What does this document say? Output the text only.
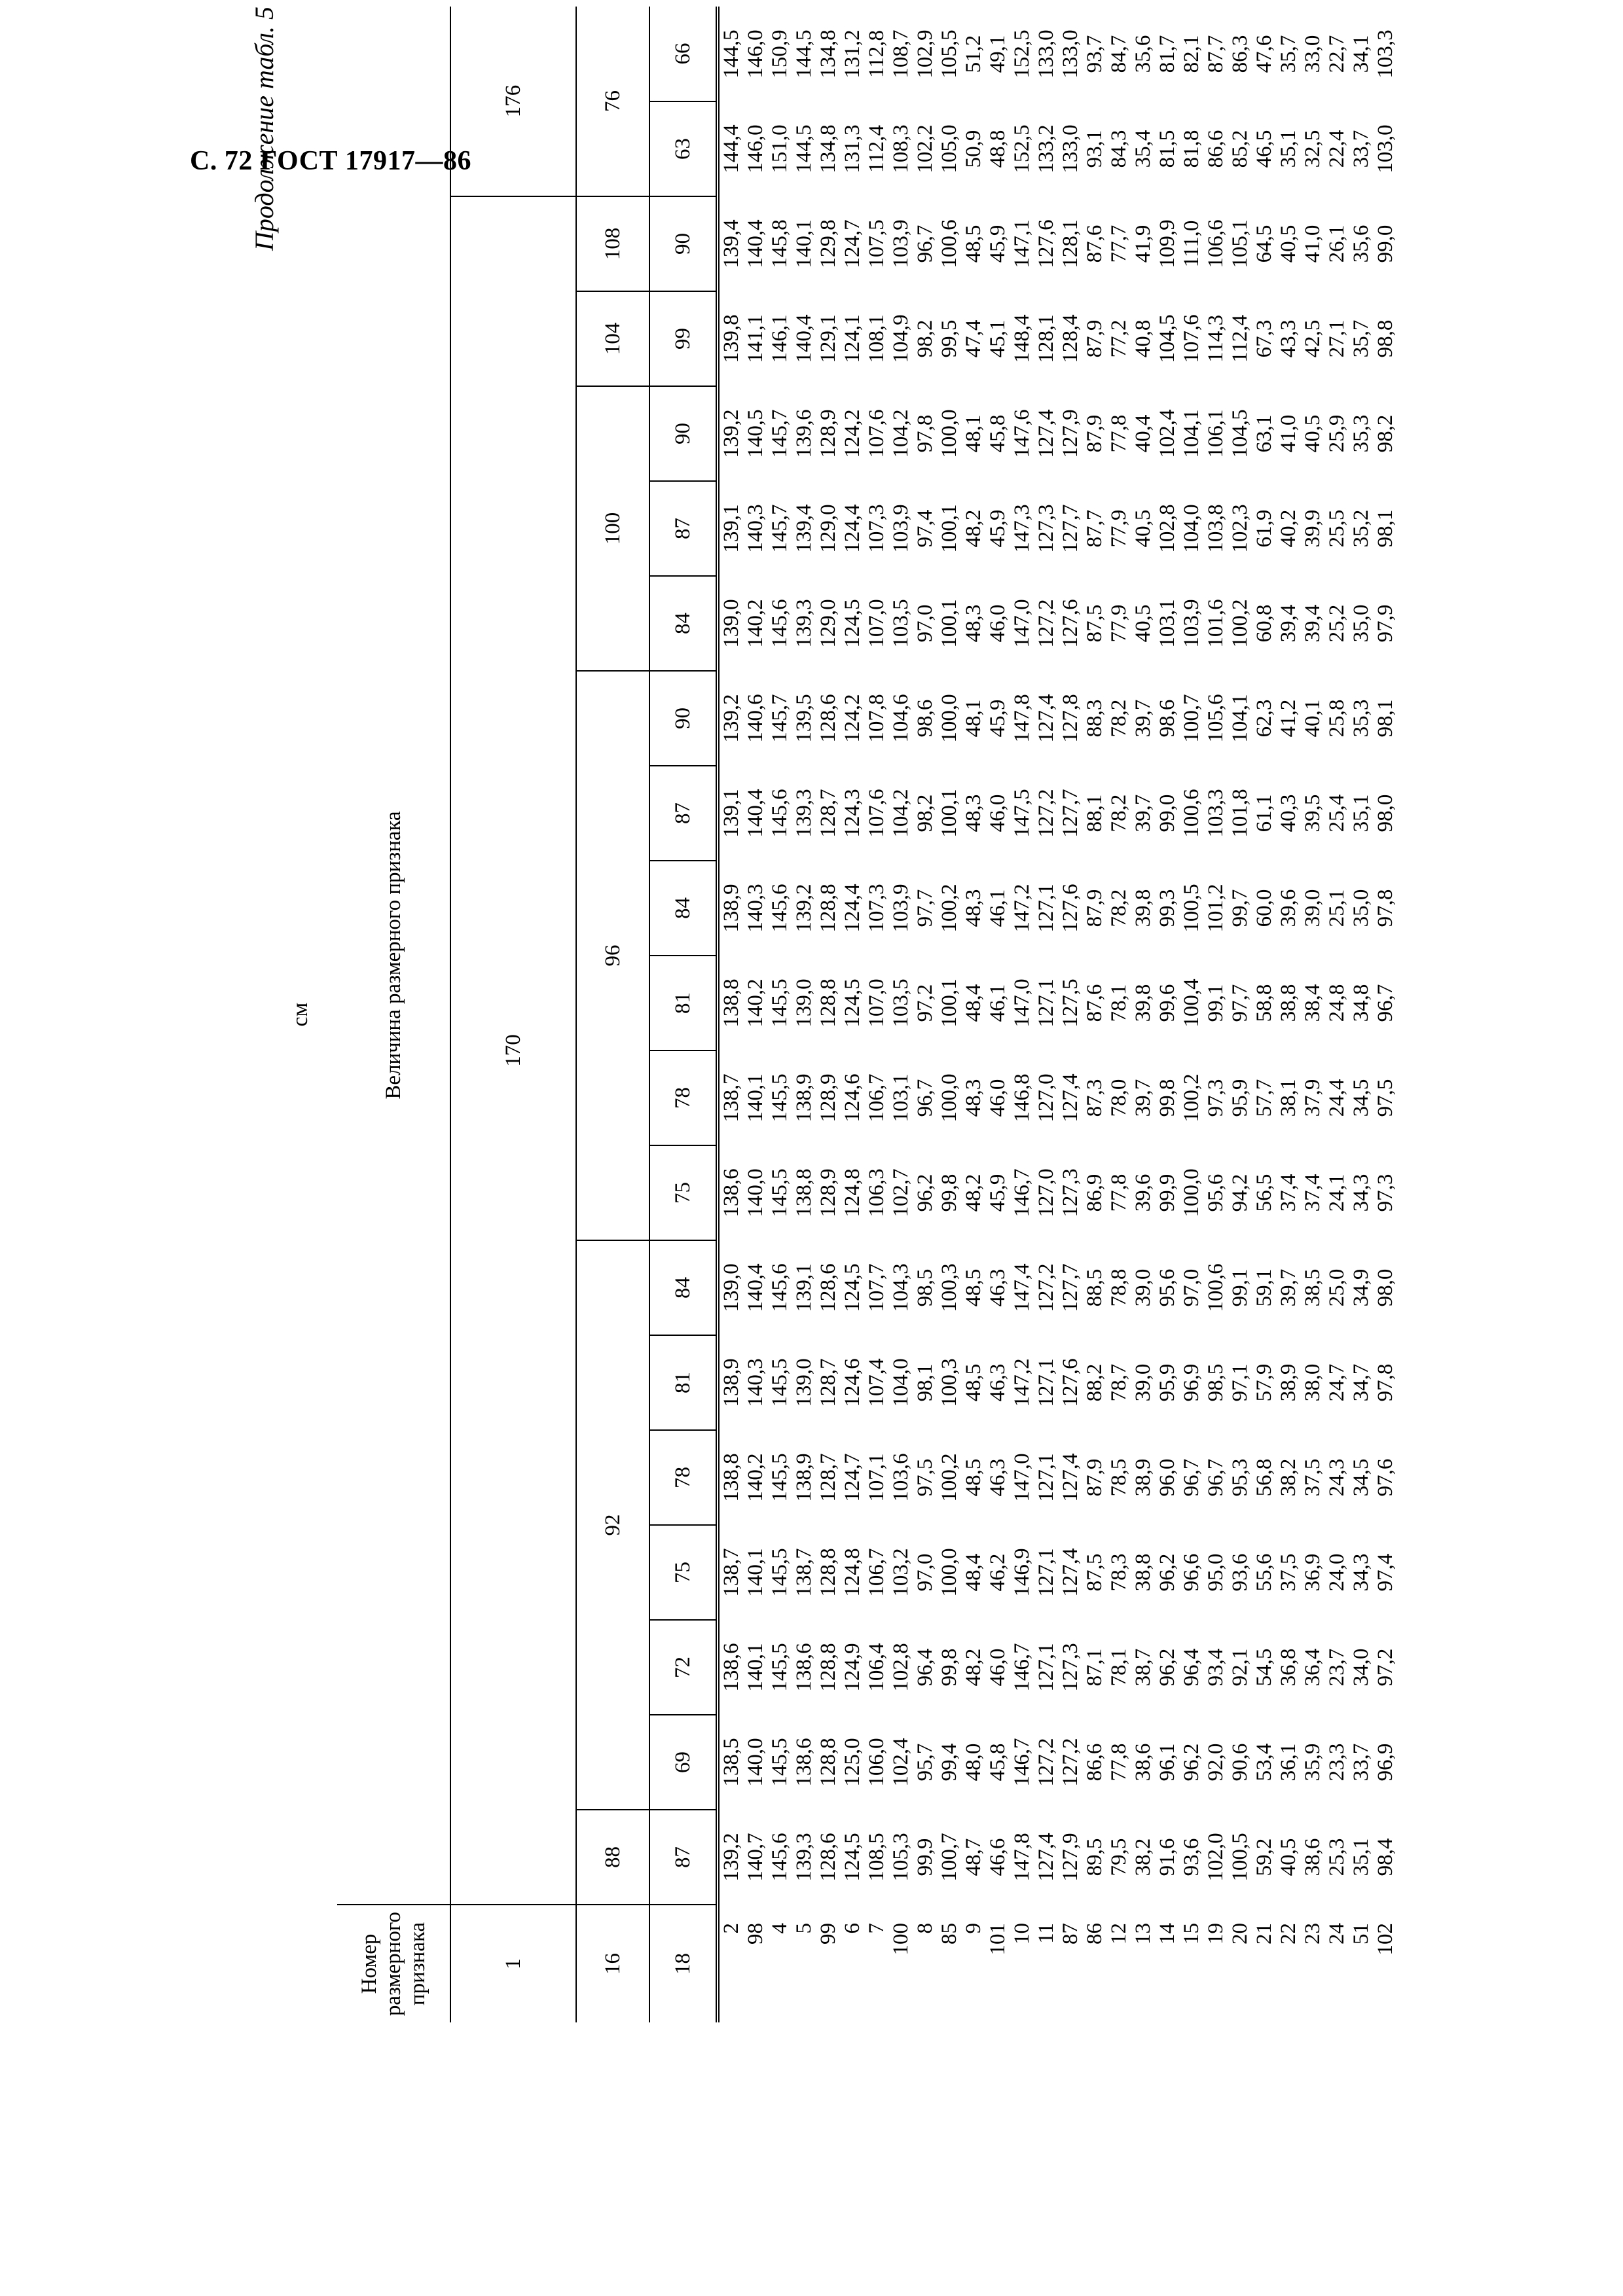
С. 72 ГОСТ 17917—86
Продолжение табл. 5
см
Номер размерного признака	Величина размерного признака																			
1	170																		176	
16	88	92						96						100			104	108	76	
18	87	69	72	75	78	81	84	75	78	81	84	87	90	84	87	90	99	90	63	66
2	139,2	138,5	138,6	138,7	138,8	138,9	139,0	138,6	138,7	138,8	138,9	139,1	139,2	139,0	139,1	139,2	139,8	139,4	144,4	144,5
98	140,7	140,0	140,1	140,1	140,2	140,3	140,4	140,0	140,1	140,2	140,3	140,4	140,6	140,2	140,3	140,5	141,1	140,4	146,0	146,0
4	145,6	145,5	145,5	145,5	145,5	145,5	145,6	145,5	145,5	145,5	145,6	145,6	145,7	145,6	145,7	145,7	146,1	145,8	151,0	150,9
5	139,3	138,6	138,6	138,7	138,9	139,0	139,1	138,8	138,9	139,0	139,2	139,3	139,5	139,3	139,4	139,6	140,4	140,1	144,5	144,5
99	128,6	128,8	128,8	128,8	128,7	128,7	128,6	128,9	128,9	128,8	128,8	128,7	128,6	129,0	129,0	128,9	129,1	129,8	134,8	134,8
6	124,5	125,0	124,9	124,8	124,7	124,6	124,5	124,8	124,6	124,5	124,4	124,3	124,2	124,5	124,4	124,2	124,1	124,7	131,3	131,2
7	108,5	106,0	106,4	106,7	107,1	107,4	107,7	106,3	106,7	107,0	107,3	107,6	107,8	107,0	107,3	107,6	108,1	107,5	112,4	112,8
100	105,3	102,4	102,8	103,2	103,6	104,0	104,3	102,7	103,1	103,5	103,9	104,2	104,6	103,5	103,9	104,2	104,9	103,9	108,3	108,7
8	99,9	95,7	96,4	97,0	97,5	98,1	98,5	96,2	96,7	97,2	97,7	98,2	98,6	97,0	97,4	97,8	98,2	96,7	102,2	102,9
85	100,7	99,4	99,8	100,0	100,2	100,3	100,3	99,8	100,0	100,1	100,2	100,1	100,0	100,1	100,1	100,0	99,5	100,6	105,0	105,5
9	48,7	48,0	48,2	48,4	48,5	48,5	48,5	48,2	48,3	48,4	48,3	48,3	48,1	48,3	48,2	48,1	47,4	48,5	50,9	51,2
101	46,6	45,8	46,0	46,2	46,3	46,3	46,3	45,9	46,0	46,1	46,1	46,0	45,9	46,0	45,9	45,8	45,1	45,9	48,8	49,1
10	147,8	146,7	146,7	146,9	147,0	147,2	147,4	146,7	146,8	147,0	147,2	147,5	147,8	147,0	147,3	147,6	148,4	147,1	152,5	152,5
11	127,4	127,2	127,1	127,1	127,1	127,1	127,2	127,0	127,0	127,1	127,1	127,2	127,4	127,2	127,3	127,4	128,1	127,6	133,2	133,0
87	127,9	127,2	127,3	127,4	127,4	127,6	127,7	127,3	127,4	127,5	127,6	127,7	127,8	127,6	127,7	127,9	128,4	128,1	133,0	133,0
86	89,5	86,6	87,1	87,5	87,9	88,2	88,5	86,9	87,3	87,6	87,9	88,1	88,3	87,5	87,7	87,9	87,9	87,6	93,1	93,7
12	79,5	77,8	78,1	78,3	78,5	78,7	78,8	77,8	78,0	78,1	78,2	78,2	78,2	77,9	77,9	77,8	77,2	77,7	84,3	84,7
13	38,2	38,6	38,7	38,8	38,9	39,0	39,0	39,6	39,7	39,8	39,8	39,7	39,7	40,5	40,5	40,4	40,8	41,9	35,4	35,6
14	91,6	96,1	96,2	96,2	96,0	95,9	95,6	99,9	99,8	99,6	99,3	99,0	98,6	103,1	102,8	102,4	104,5	109,9	81,5	81,7
15	93,6	96,2	96,4	96,6	96,7	96,9	97,0	100,0	100,2	100,4	100,5	100,6	100,7	103,9	104,0	104,1	107,6	111,0	81,8	82,1
19	102,0	92,0	93,4	95,0	96,7	98,5	100,6	95,6	97,3	99,1	101,2	103,3	105,6	101,6	103,8	106,1	114,3	106,6	86,6	87,7
20	100,5	90,6	92,1	93,6	95,3	97,1	99,1	94,2	95,9	97,7	99,7	101,8	104,1	100,2	102,3	104,5	112,4	105,1	85,2	86,3
21	59,2	53,4	54,5	55,6	56,8	57,9	59,1	56,5	57,7	58,8	60,0	61,1	62,3	60,8	61,9	63,1	67,3	64,5	46,5	47,6
22	40,5	36,1	36,8	37,5	38,2	38,9	39,7	37,4	38,1	38,8	39,6	40,3	41,2	39,4	40,2	41,0	43,3	40,5	35,1	35,7
23	38,6	35,9	36,4	36,9	37,5	38,0	38,5	37,4	37,9	38,4	39,0	39,5	40,1	39,4	39,9	40,5	42,5	41,0	32,5	33,0
24	25,3	23,3	23,7	24,0	24,3	24,7	25,0	24,1	24,4	24,8	25,1	25,4	25,8	25,2	25,5	25,9	27,1	26,1	22,4	22,7
51	35,1	33,7	34,0	34,3	34,5	34,7	34,9	34,3	34,5	34,8	35,0	35,1	35,3	35,0	35,2	35,3	35,7	35,6	33,7	34,1
102	98,4	96,9	97,2	97,4	97,6	97,8	98,0	97,3	97,5	96,7	97,8	98,0	98,1	97,9	98,1	98,2	98,8	99,0	103,0	103,3
